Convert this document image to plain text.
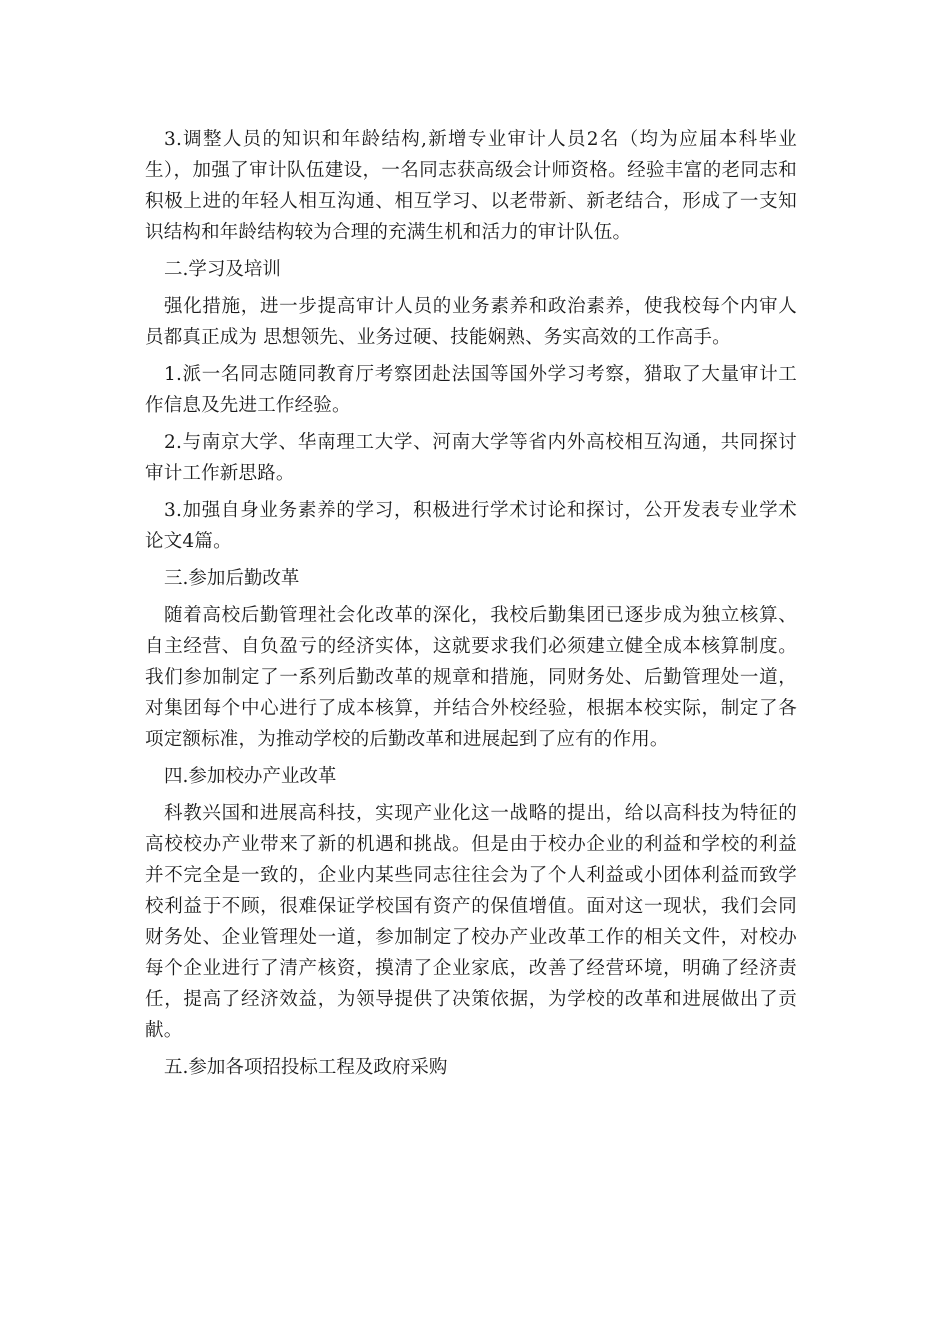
3.调整人员的知识和年龄结构,新增专业审计人员2名（均为应届本科毕业生），加强了审计队伍建设，一名同志获高级会计师资格。经验丰富的老同志和积极上进的年轻人相互沟通、相互学习、以老带新、新老结合，形成了一支知识结构和年龄结构较为合理的充满生机和活力的审计队伍。

二.学习及培训

强化措施，进一步提高审计人员的业务素养和政治素养，使我校每个内审人员都真正成为 思想领先、业务过硬、技能娴熟、务实高效的工作高手。

1.派一名同志随同教育厅考察团赴法国等国外学习考察，猎取了大量审计工作信息及先进工作经验。

2.与南京大学、华南理工大学、河南大学等省内外高校相互沟通，共同探讨审计工作新思路。

3.加强自身业务素养的学习，积极进行学术讨论和探讨，公开发表专业学术论文4篇。

三.参加后勤改革

随着高校后勤管理社会化改革的深化，我校后勤集团已逐步成为独立核算、自主经营、自负盈亏的经济实体，这就要求我们必须建立健全成本核算制度。我们参加制定了一系列后勤改革的规章和措施，同财务处、后勤管理处一道，对集团每个中心进行了成本核算，并结合外校经验，根据本校实际，制定了各项定额标准，为推动学校的后勤改革和进展起到了应有的作用。

四.参加校办产业改革

科教兴国和进展高科技，实现产业化这一战略的提出，给以高科技为特征的高校校办产业带来了新的机遇和挑战。但是由于校办企业的利益和学校的利益并不完全是一致的，企业内某些同志往往会为了个人利益或小团体利益而致学校利益于不顾，很难保证学校国有资产的保值增值。面对这一现状，我们会同财务处、企业管理处一道，参加制定了校办产业改革工作的相关文件，对校办每个企业进行了清产核资，摸清了企业家底，改善了经营环境，明确了经济责任，提高了经济效益，为领导提供了决策依据，为学校的改革和进展做出了贡献。

五.参加各项招投标工程及政府采购
